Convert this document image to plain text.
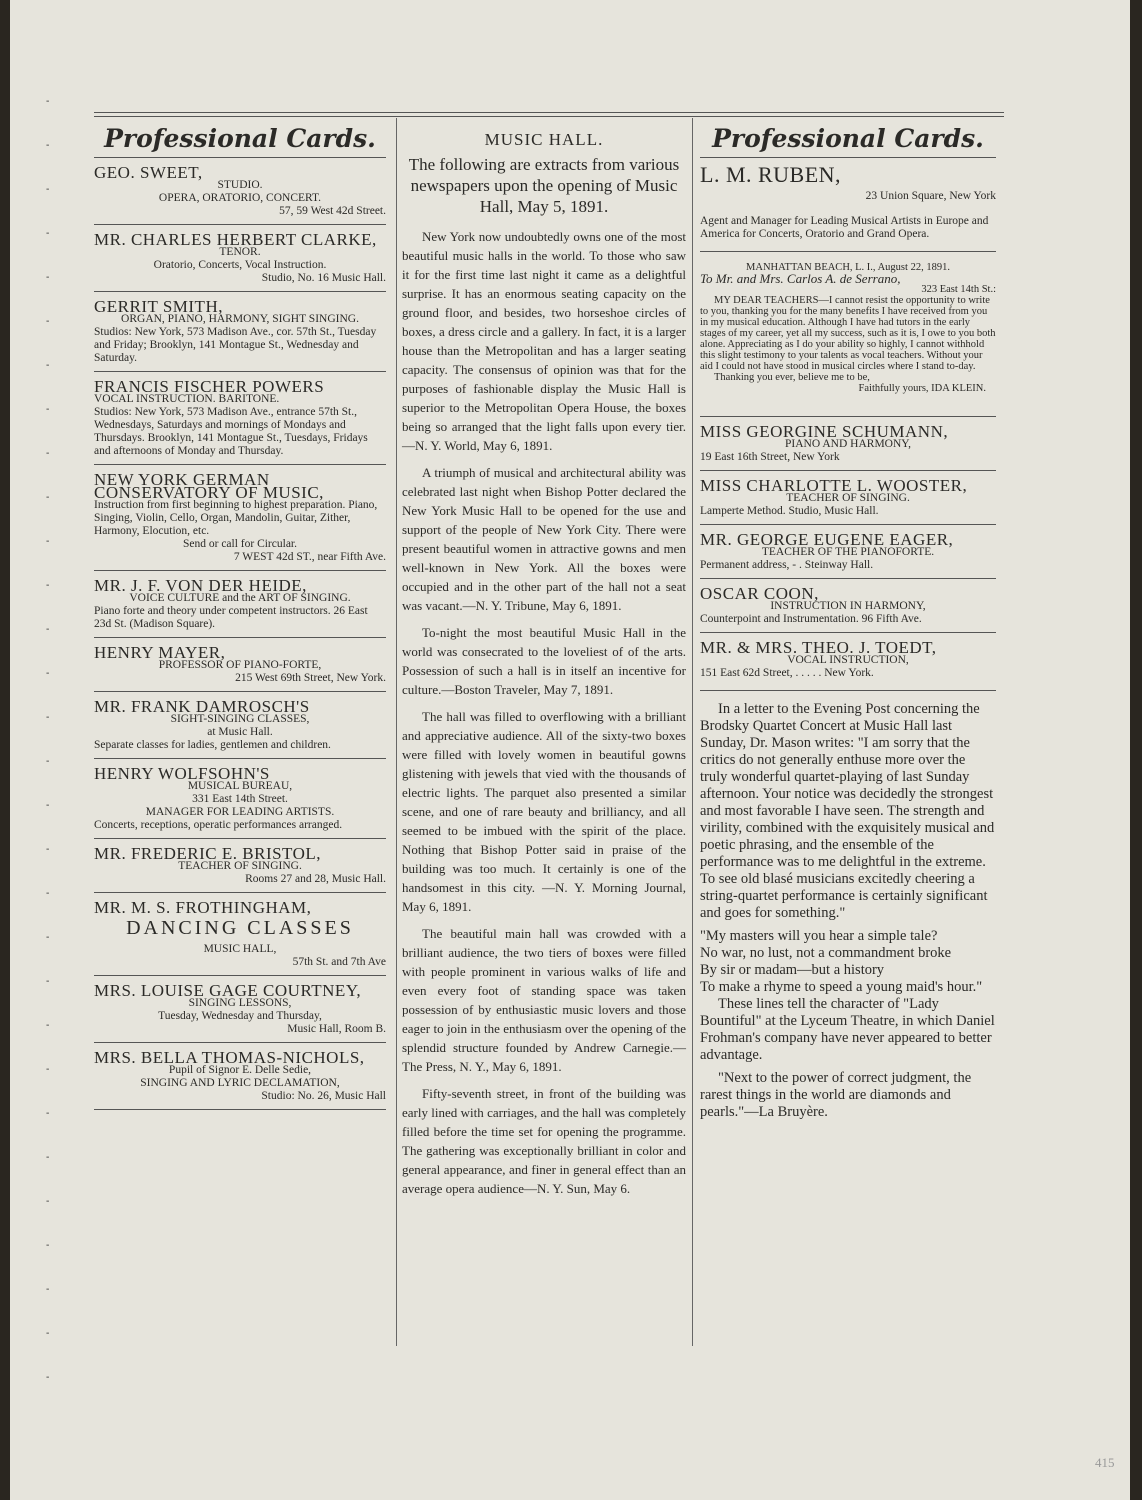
-
-
-
-
-
-
-
-
-
-
-
-
-
-
-
-
-
-
-
-
-
-
-
-
-
-
-
-
-
-
Professional Cards.
GEO. SWEET,
STUDIO.
OPERA, ORATORIO, CONCERT.
57, 59 West 42d Street.
MR. CHARLES HERBERT CLARKE,
TENOR.
Oratorio, Concerts, Vocal Instruction.
Studio, No. 16 Music Hall.
GERRIT SMITH,
ORGAN, PIANO, HARMONY, SIGHT SINGING.
Studios: New York, 573 Madison Ave., cor. 57th St., Tuesday and Friday; Brooklyn, 141 Montague St., Wednesday and Saturday.
FRANCIS FISCHER POWERS
VOCAL INSTRUCTION. BARITONE.
Studios: New York, 573 Madison Ave., entrance 57th St., Wednesdays, Saturdays and mornings of Mondays and Thursdays. Brooklyn, 141 Montague St., Tuesdays, Fridays and afternoons of Monday and Thursday.
NEW YORK GERMAN CONSERVATORY OF MUSIC,
Instruction from first beginning to highest preparation. Piano, Singing, Violin, Cello, Organ, Mandolin, Guitar, Zither, Harmony, Elocution, etc.
Send or call for Circular.
7 WEST 42d ST., near Fifth Ave.
MR. J. F. VON DER HEIDE,
VOICE CULTURE and the ART OF SINGING.
Piano forte and theory under competent instructors. 26 East 23d St. (Madison Square).
HENRY MAYER,
PROFESSOR OF PIANO-FORTE,
215 West 69th Street, New York.
MR. FRANK DAMROSCH'S
SIGHT-SINGING CLASSES,
at Music Hall.
Separate classes for ladies, gentlemen and children.
HENRY WOLFSOHN'S
MUSICAL BUREAU,
331 East 14th Street.
MANAGER FOR LEADING ARTISTS.
Concerts, receptions, operatic performances arranged.
MR. FREDERIC E. BRISTOL,
TEACHER OF SINGING.
Rooms 27 and 28, Music Hall.
MR. M. S. FROTHINGHAM,
DANCING CLASSES
MUSIC HALL,
57th St. and 7th Ave
MRS. LOUISE GAGE COURTNEY,
SINGING LESSONS,
Tuesday, Wednesday and Thursday,
Music Hall, Room B.
MRS. BELLA THOMAS-NICHOLS,
Pupil of Signor E. Delle Sedie,
SINGING AND LYRIC DECLAMATION,
Studio: No. 26, Music Hall
MUSIC HALL.
The following are extracts from various newspapers upon the opening of Music Hall, May 5, 1891.

New York now undoubtedly owns one of the most beautiful music halls in the world. To those who saw it for the first time last night it came as a delightful surprise. It has an enormous seating capacity on the ground floor, and besides, two horseshoe circles of boxes, a dress circle and a gallery. In fact, it is a larger house than the Metropolitan and has a larger seating capacity. The consensus of opinion was that for the purposes of fashionable display the Music Hall is superior to the Metropolitan Opera House, the boxes being so arranged that the light falls upon every tier.—N. Y. World, May 6, 1891.

A triumph of musical and architectural ability was celebrated last night when Bishop Potter declared the New York Music Hall to be opened for the use and support of the people of New York City. There were present beautiful women in attractive gowns and men well-known in New York. All the boxes were occupied and in the other part of the hall not a seat was vacant.—N. Y. Tribune, May 6, 1891.

To-night the most beautiful Music Hall in the world was consecrated to the loveliest of of the arts. Possession of such a hall is in itself an incentive for culture.—Boston Traveler, May 7, 1891.

The hall was filled to overflowing with a brilliant and appreciative audience. All of the sixty-two boxes were filled with lovely women in beautiful gowns glistening with jewels that vied with the thousands of electric lights. The parquet also presented a similar scene, and one of rare beauty and brilliancy, and all seemed to be imbued with the spirit of the place. Nothing that Bishop Potter said in praise of the building was too much. It certainly is one of the handsomest in this city. —N. Y. Morning Journal, May 6, 1891.

The beautiful main hall was crowded with a brilliant audience, the two tiers of boxes were filled with people prominent in various walks of life and even every foot of standing space was taken possession of by enthusiastic music lovers and those eager to join in the enthusiasm over the opening of the splendid structure founded by Andrew Carnegie.—The Press, N. Y., May 6, 1891.

Fifty-seventh street, in front of the building was early lined with carriages, and the hall was completely filled before the time set for opening the programme. The gathering was exceptionally brilliant in color and general appearance, and finer in general effect than an average opera audience—N. Y. Sun, May 6.

Professional Cards.
L. M. RUBEN,
23 Union Square, New York
Agent and Manager for Leading Musical Artists in Europe and America for Concerts, Oratorio and Grand Opera.
MANHATTAN BEACH, L. I., August 22, 1891.
To Mr. and Mrs. Carlos A. de Serrano,
323 East 14th St.:
MY DEAR TEACHERS—I cannot resist the opportunity to write to you, thanking you for the many benefits I have received from you in my musical education. Although I have had tutors in the early stages of my career, yet all my success, such as it is, I owe to you both alone. Appreciating as I do your ability so highly, I cannot withhold this slight testimony to your talents as vocal teachers. Without your aid I could not have stood in musical circles where I stand to-day.
Thanking you ever, believe me to be,
Faithfully yours, IDA KLEIN.
MISS GEORGINE SCHUMANN,
PIANO AND HARMONY,
19 East 16th Street, New York
MISS CHARLOTTE L. WOOSTER,
TEACHER OF SINGING.
Lamperte Method. Studio, Music Hall.
MR. GEORGE EUGENE EAGER,
TEACHER OF THE PIANOFORTE.
Permanent address, - . Steinway Hall.
OSCAR COON,
INSTRUCTION IN HARMONY,
Counterpoint and Instrumentation. 96 Fifth Ave.
MR. & MRS. THEO. J. TOEDT,
VOCAL INSTRUCTION,
151 East 62d Street, . . . . . New York.

In a letter to the Evening Post concerning the Brodsky Quartet Concert at Music Hall last Sunday, Dr. Mason writes: "I am sorry that the critics do not generally enthuse more over the truly wonderful quartet-playing of last Sunday afternoon. Your notice was decidedly the strongest and most favorable I have seen. The strength and virility, combined with the exquisitely musical and poetic phrasing, and the ensemble of the performance was to me delightful in the extreme. To see old blasé musicians excitedly cheering a string-quartet performance is certainly significant and goes for something."

"My masters will you hear a simple tale?
No war, no lust, not a commandment broke
By sir or madam—but a history
To make a rhyme to speed a young maid's hour."

These lines tell the character of "Lady Bountiful" at the Lyceum Theatre, in which Daniel Frohman's company have never appeared to better advantage.

"Next to the power of correct judgment, the rarest things in the world are diamonds and pearls."—La Bruyère.

415
